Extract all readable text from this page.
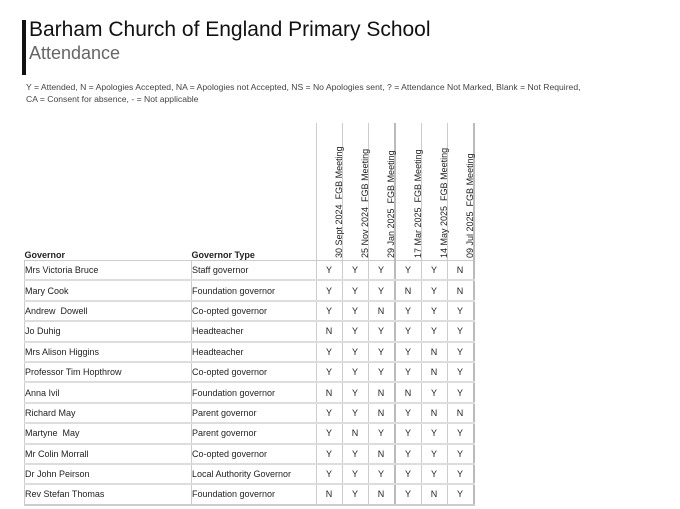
Barham Church of England Primary School
Attendance
Y = Attended, N = Apologies Accepted, NA = Apologies not Accepted, NS = No Apologies sent, ? = Attendance Not Marked, Blank = Not Required,
CA = Consent for absence, - = Not applicable
Governor	Governor Type	30 Sept 2024  FGB Meeting	25 Nov 2024  FGB Meeting	29 Jan 2025  FGB Meeting	17 Mar 2025  FGB Meeting	14 May 2025  FGB Meeting	09 Jul 2025  FGB Meeting

Mrs Victoria Bruce	Staff governor	Y	Y	Y	Y	Y	N
Mary Cook	Foundation governor	Y	Y	Y	N	Y	N
Andrew  Dowell	Co-opted governor	Y	Y	N	Y	Y	Y
Jo Duhig	Headteacher	N	Y	Y	Y	Y	Y
Mrs Alison Higgins	Headteacher	Y	Y	Y	Y	N	Y
Professor Tim Hopthrow	Co-opted governor	Y	Y	Y	Y	N	Y
Anna Ivil	Foundation governor	N	Y	N	N	Y	Y
Richard May	Parent governor	Y	Y	N	Y	N	N
Martyne  May	Parent governor	Y	N	Y	Y	Y	Y
Mr Colin Morrall	Co-opted governor	Y	Y	N	Y	Y	Y
Dr John Peirson	Local Authority Governor	Y	Y	Y	Y	Y	Y
Rev Stefan Thomas	Foundation governor	N	Y	N	Y	N	Y
